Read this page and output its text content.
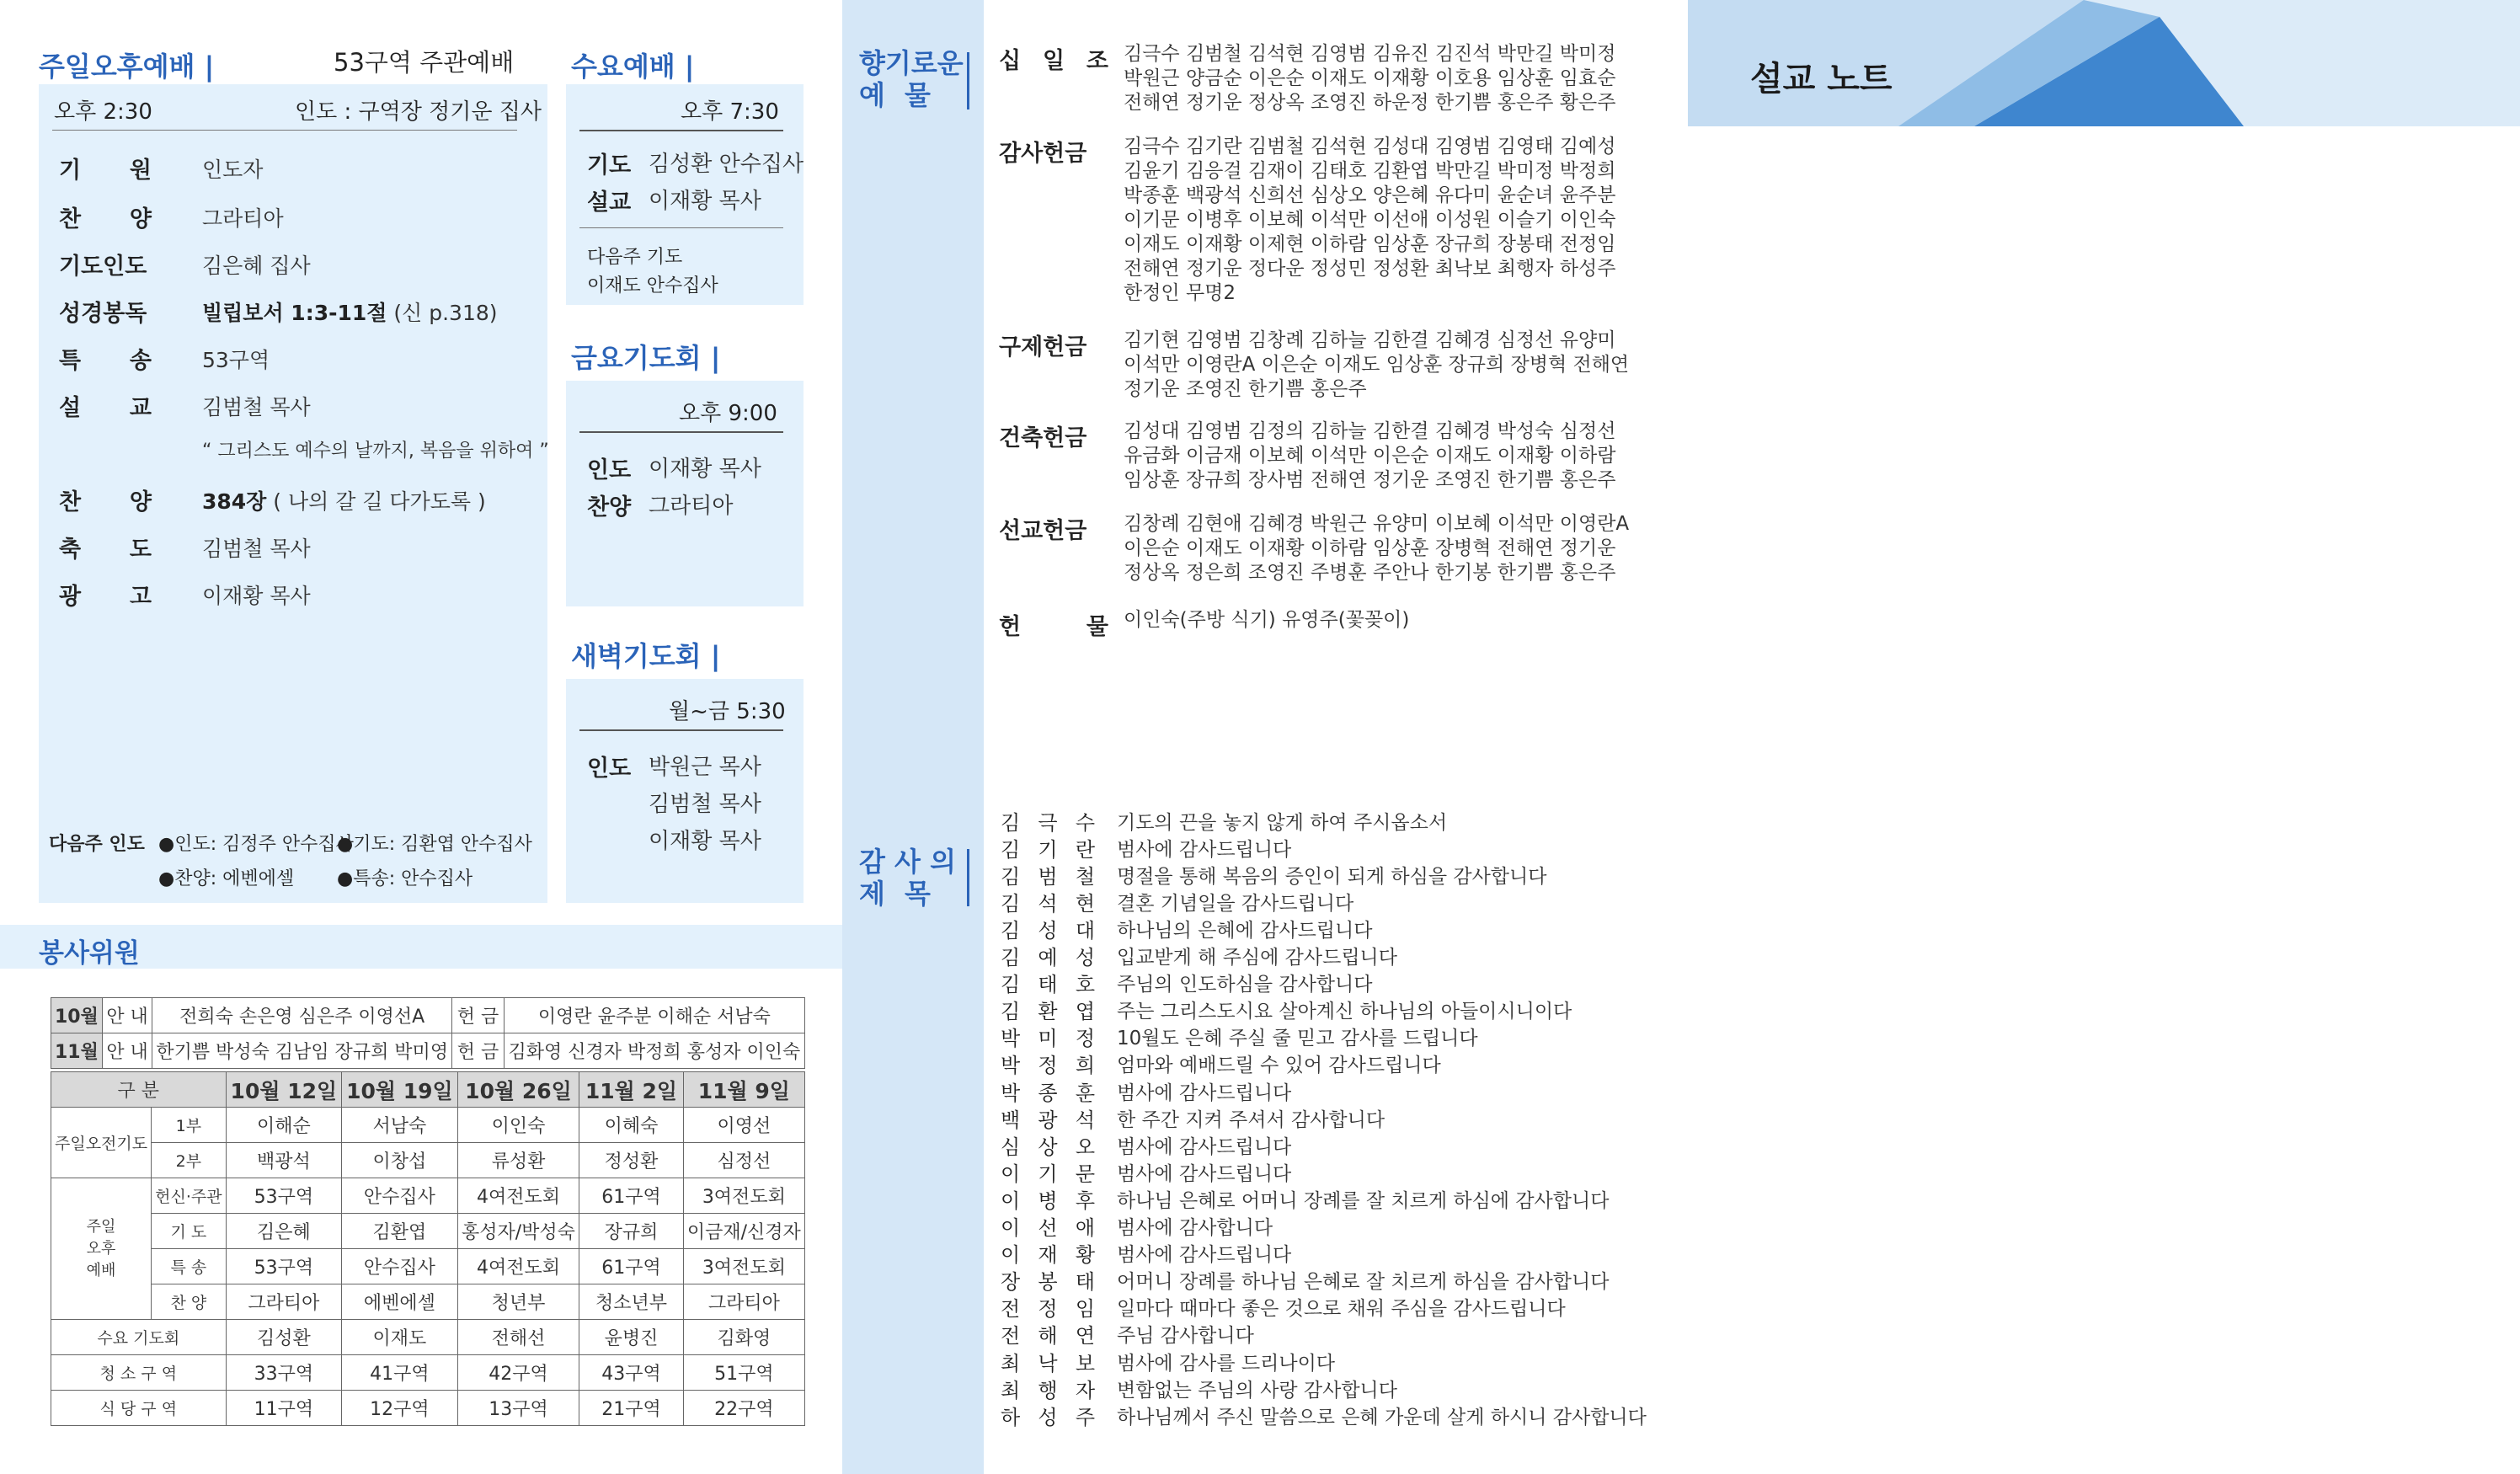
주일오후예배 |	53구역 주관예배
오후 2:30	인도 : 구역장 정기운 집사
기 원 인도자
찬 양 그라티아
기도인도	김은혜 집사
성경봉독	빌립보서 1:3-11절 (신 p.318)
특 송 53구역
설 교 김범철 목사
“ 그리스도 예수의 날까지, 복음을 위하여 ”
찬 양 384장 ( 나의 갈 길 다가도록 )
축 도 김범철 목사
광 고 이재황 목사
다음주 인도 ●인도: 김정주 안수집사
●기도: 김환엽 안수집사
●찬양: 에벤에셀 ●특송: 안수집사
수요예배 |
오후 7:30
기도 김성환 안수집사
설교 이재황 목사
다음주 기도
이재도 안수집사
금요기도회 |
오후 9:00
인도 이재황 목사
찬양 그라티아
새벽기도회 |
월~금 5:30
인도 박원근 목사
김범철 목사
이재황 목사
봉사위원
10월	안 내	전희숙 손은영 심은주 이영선A	헌 금	이영란 윤주분 이해순 서남숙
11월	안 내	한기쁨 박성숙 김남임 장규희 박미영	헌 금	김화영 신경자 박정희 홍성자 이인숙
구 분		10월 12일	10월 19일	10월 26일	11월 2일	11월 9일
주일오전기도	1부	이해순	서남숙	이인숙	이혜숙	이영선
	2부	백광석	이창섭	류성환	정성환	심정선
주일
오후
예배	헌신·주관	53구역	안수집사	4여전도회	61구역	3여전도회
	기 도	김은혜	김환엽	홍성자/박성숙	장규희	이금재/신경자
	특 송	53구역	안수집사	4여전도회	61구역	3여전도회
	찬 양	그라티아	에벤에셀	청년부	청소년부	그라티아
수요 기도회		김성환	이재도	전해선	윤병진	김화영
청 소 구 역		33구역	41구역	42구역	43구역	51구역
식 당 구 역		11구역	12구역	13구역	21구역	22구역
향기로운
예 물
십 일 조 김극수 김범철 김석현 김영범 김유진 김진석 박만길 박미정
박원근 양금순 이은순 이재도 이재황 이호용 임상훈 임효순
전해연 정기운 정상옥 조영진 하운정 한기쁨 홍은주 황은주
감사헌금	김극수 김기란 김범철 김석현 김성대 김영범 김영태 김예성
김윤기 김응걸 김재이 김태호 김환엽 박만길 박미정 박정희
박종훈 백광석 신희선 심상오 양은혜 유다미 윤순녀 윤주분
이기문 이병후 이보혜 이석만 이선애 이성원 이슬기 이인숙
이재도 이재황 이제현 이하람 임상훈 장규희 장봉태 전정임
전해연 정기운 정다운 정성민 정성환 최낙보 최행자 하성주
한정인 무명2
구제헌금	김기현 김영범 김창례 김하늘 김한결 김혜경 심정선 유양미
이석만 이영란A 이은순 이재도 임상훈 장규희 장병혁 전해연
정기운 조영진 한기쁨 홍은주
건축헌금	김성대 김영범 김정의 김하늘 김한결 김혜경 박성숙 심정선
유금화 이금재 이보혜 이석만 이은순 이재도 이재황 이하람
임상훈 장규희 장사범 전해연 정기운 조영진 한기쁨 홍은주
선교헌금	김창례 김현애 김혜경 박원근 유양미 이보혜 이석만 이영란A
이은순 이재도 이재황 이하람 임상훈 장병혁 전해연 정기운
정상옥 정은희 조영진 주병훈 주안나 한기봉 한기쁨 홍은주
헌	물 이인숙(주방 식기) 유영주(꽃꽂이)
감 사 의
제 목
김 극 수 기도의 끈을 놓지 않게 하여 주시옵소서
김 기 란 범사에 감사드립니다
김 범 철 명절을 통해 복음의 증인이 되게 하심을 감사합니다
김 석 현 결혼 기념일을 감사드립니다
김 성 대 하나님의 은혜에 감사드립니다
김 예 성 입교받게 해 주심에 감사드립니다
김 태 호 주님의 인도하심을 감사합니다
김 환 엽 주는 그리스도시요 살아계신 하나님의 아들이시니이다
박 미 정 10월도 은혜 주실 줄 믿고 감사를 드립니다
박 정 희 엄마와 예배드릴 수 있어 감사드립니다
박 종 훈 범사에 감사드립니다
백 광 석 한 주간 지켜 주셔서 감사합니다
심 상 오 범사에 감사드립니다
이 기 문 범사에 감사드립니다
이 병 후 하나님 은혜로 어머니 장례를 잘 치르게 하심에 감사합니다
이 선 애 범사에 감사합니다
이 재 황 범사에 감사드립니다
장 봉 태 어머니 장례를 하나님 은혜로 잘 치르게 하심을 감사합니다
전 정 임 일마다 때마다 좋은 것으로 채워 주심을 감사드립니다
전 해 연 주님 감사합니다
최 낙 보 범사에 감사를 드리나이다
최 행 자 변함없는 주님의 사랑 감사합니다
하 성 주 하나님께서 주신 말씀으로 은혜 가운데 살게 하시니 감사합니다
설교 노트
